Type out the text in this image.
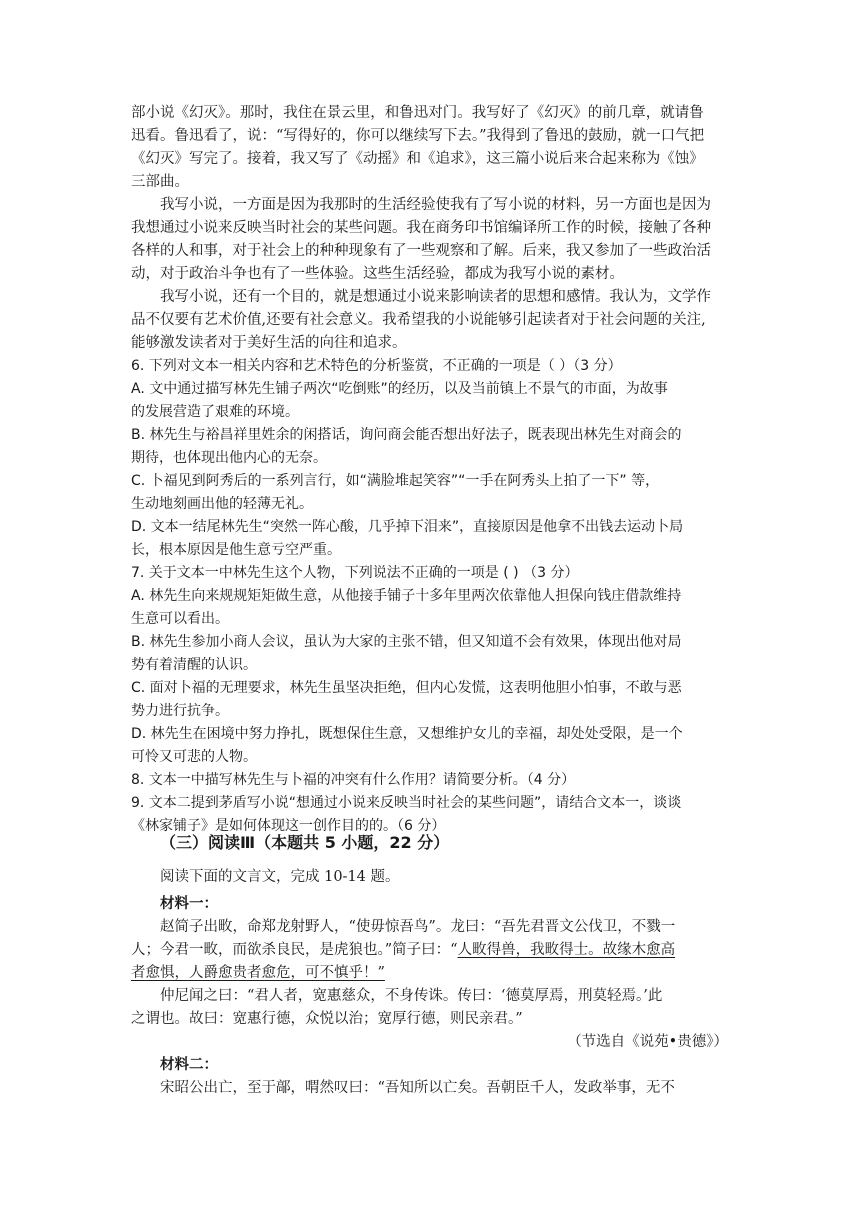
部小说《幻灭》。那时，我住在景云里，和鲁迅对门。我写好了《幻灭》的前几章，就请鲁
迅看。鲁迅看了，说：“写得好的，你可以继续写下去。”我得到了鲁迅的鼓励，就一口气把
《幻灭》写完了。接着，我又写了《动摇》和《追求》，这三篇小说后来合起来称为《蚀》
三部曲。
我写小说，一方面是因为我那时的生活经验使我有了写小说的材料，另一方面也是因为
我想通过小说来反映当时社会的某些问题。我在商务印书馆编译所工作的时候，接触了各种
各样的人和事，对于社会上的种种现象有了一些观察和了解。后来，我又参加了一些政治活
动，对于政治斗争也有了一些体验。这些生活经验，都成为我写小说的素材。
我写小说，还有一个目的，就是想通过小说来影响读者的思想和感情。我认为，文学作
品不仅要有艺术价值,还要有社会意义。我希望我的小说能够引起读者对于社会问题的关注,
能够激发读者对于美好生活的向往和追求。
6. 下列对文本一相关内容和艺术特色的分析鉴赏，不正确的一项是（ ）（3 分）
A. 文中通过描写林先生铺子两次“吃倒账”的经历，以及当前镇上不景气的市面，为故事
的发展营造了艰难的环境。
B. 林先生与裕昌祥里姓余的闲搭话，询问商会能否想出好法子，既表现出林先生对商会的
期待，也体现出他内心的无奈。
C. 卜福见到阿秀后的一系列言行，如“满脸堆起笑容”“一手在阿秀头上拍了一下” 等，
生动地刻画出他的轻薄无礼。
D. 文本一结尾林先生“突然一阵心酸，几乎掉下泪来”，直接原因是他拿不出钱去运动卜局
长，根本原因是他生意亏空严重。
7. 关于文本一中林先生这个人物，下列说法不正确的一项是 ( ) （3 分）
A. 林先生向来规规矩矩做生意，从他接手铺子十多年里两次依靠他人担保向钱庄借款维持
生意可以看出。
B. 林先生参加小商人会议，虽认为大家的主张不错，但又知道不会有效果，体现出他对局
势有着清醒的认识。
C. 面对卜福的无理要求，林先生虽坚决拒绝，但内心发慌，这表明他胆小怕事，不敢与恶
势力进行抗争。
D. 林先生在困境中努力挣扎，既想保住生意，又想维护女儿的幸福，却处处受限，是一个
可怜又可悲的人物。
8. 文本一中描写林先生与卜福的冲突有什么作用？请简要分析。（4 分）
9. 文本二提到茅盾写小说“想通过小说来反映当时社会的某些问题”，请结合文本一，谈谈
《林家铺子》是如何体现这一创作目的的。（6 分）
（三）阅读Ⅲ（本题共 5 小题，22 分）
阅读下面的文言文，完成 10-14 题。
材料一：
赵简子出畋，命郑龙射野人，“使毋惊吾鸟”。龙曰：“吾先君晋文公伐卫，不戮一
人；今君一畋，而欲杀良民，是虎狼也。”简子曰：“人畋得兽，我畋得士。故缘木愈高
者愈惧，人爵愈贵者愈危，可不慎乎！”
仲尼闻之曰：“君人者，宽惠慈众，不身传诛。传曰：‘德莫厚焉，刑莫轻焉。’此
之谓也。故曰：宽惠行德，众悦以治；宽厚行德，则民亲君。”
（节选自《说苑•贵德》）
材料二：
宋昭公出亡，至于鄗，喟然叹曰：“吾知所以亡矣。吾朝臣千人，发政举事，无不
